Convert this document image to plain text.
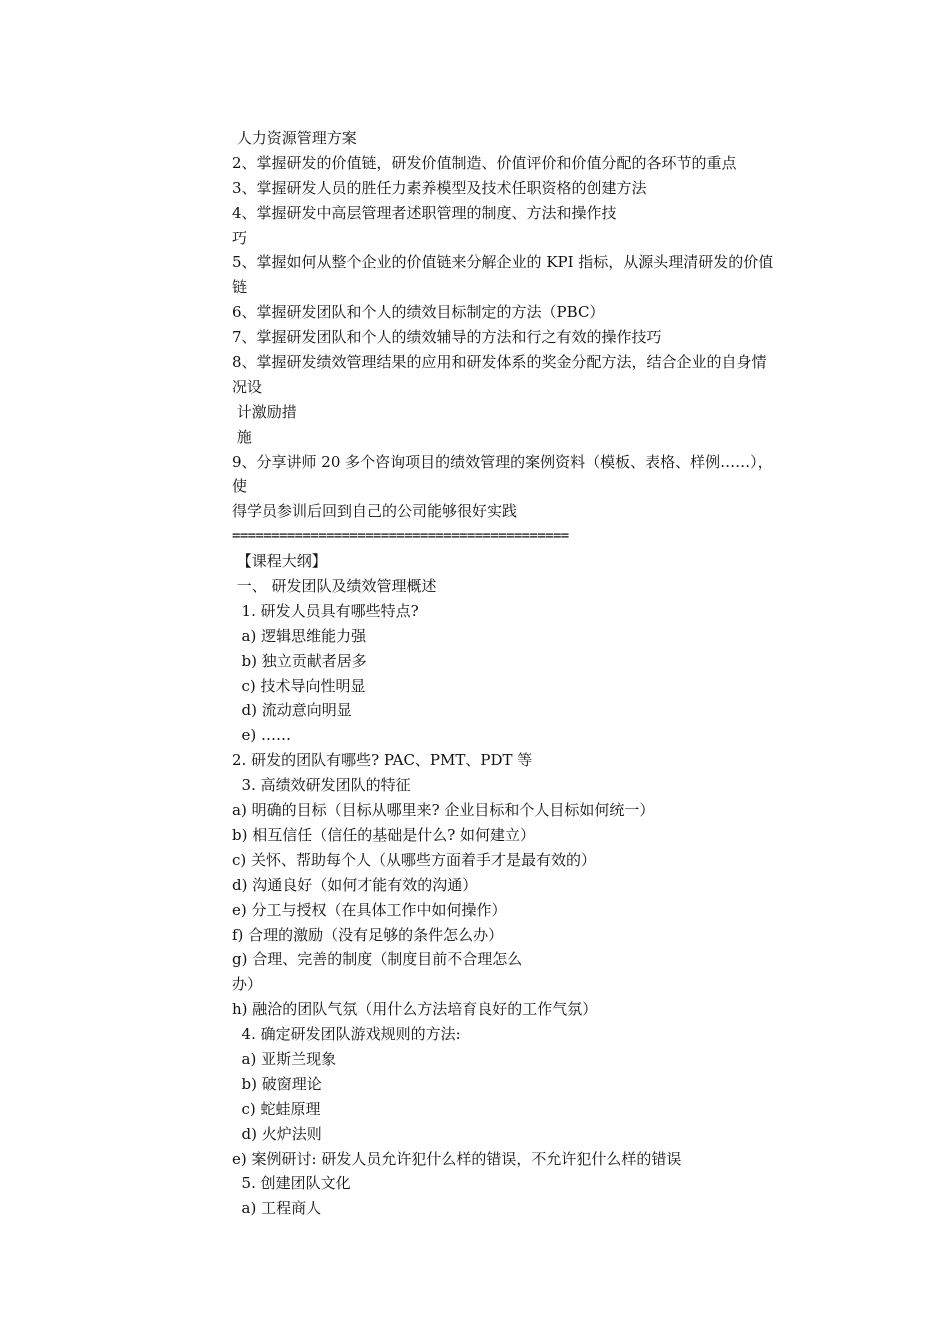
人力资源管理方案
2、掌握研发的价值链，研发价值制造、价值评价和价值分配的各环节的重点
3、掌握研发人员的胜任力素养模型及技术任职资格的创建方法
4、掌握研发中高层管理者述职管理的制度、方法和操作技
巧
5、掌握如何从整个企业的价值链来分解企业的 KPI 指标，从源头理清研发的价值
链
6、掌握研发团队和个人的绩效目标制定的方法（PBC）
7、掌握研发团队和个人的绩效辅导的方法和行之有效的操作技巧
8、掌握研发绩效管理结果的应用和研发体系的奖金分配方法，结合企业的自身情
况设
计激励措
施
9、分享讲师 20 多个咨询项目的绩效管理的案例资料（模板、表格、样例……），
使
得学员参训后回到自己的公司能够很好实践
===========================================
【课程大纲】
一、 研发团队及绩效管理概述
1. 研发人员具有哪些特点?
a) 逻辑思维能力强
b) 独立贡献者居多
c) 技术导向性明显
d) 流动意向明显
e) ……
2. 研发的团队有哪些? PAC、PMT、PDT 等
3. 高绩效研发团队的特征
a) 明确的目标（目标从哪里来? 企业目标和个人目标如何统一）
b) 相互信任（信任的基础是什么? 如何建立）
c) 关怀、帮助每个人（从哪些方面着手才是最有效的）
d) 沟通良好（如何才能有效的沟通）
e) 分工与授权（在具体工作中如何操作）
f) 合理的激励（没有足够的条件怎么办）
g) 合理、完善的制度（制度目前不合理怎么
办）
h) 融洽的团队气氛（用什么方法培育良好的工作气氛）
4. 确定研发团队游戏规则的方法:
a) 亚斯兰现象
b) 破窗理论
c) 蛇蛙原理
d) 火炉法则
e) 案例研讨: 研发人员允许犯什么样的错误，不允许犯什么样的错误
5. 创建团队文化
a) 工程商人
